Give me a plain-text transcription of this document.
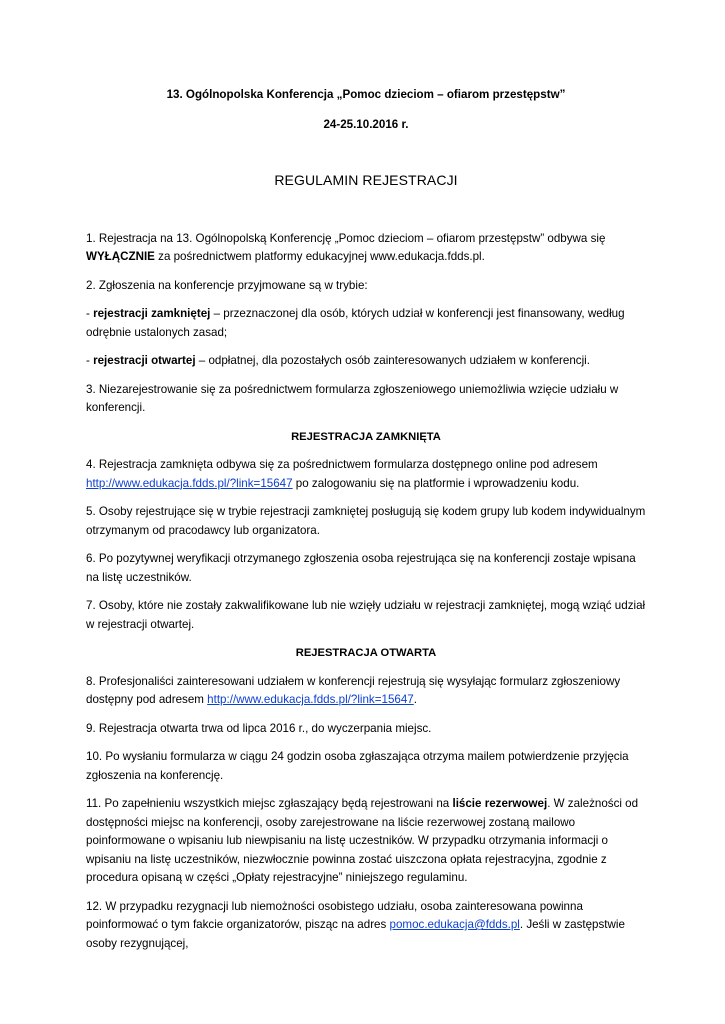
13. Ogólnopolska Konferencja „Pomoc dzieciom – ofiarom przestępstw”

24-25.10.2016 r.

REGULAMIN REJESTRACJI

1. Rejestracja na 13. Ogólnopolską Konferencję „Pomoc dzieciom – ofiarom przestępstw” odbywa się WYŁĄCZNIE za pośrednictwem platformy edukacyjnej www.edukacja.fdds.pl.

2. Zgłoszenia na konferencje przyjmowane są w trybie:

- rejestracji zamkniętej – przeznaczonej dla osób, których udział w konferencji jest finansowany, według odrębnie ustalonych zasad;

- rejestracji otwartej – odpłatnej, dla pozostałych osób zainteresowanych udziałem w konferencji.

3. Niezarejestrowanie się za pośrednictwem formularza zgłoszeniowego uniemożliwia wzięcie udziału w konferencji.

REJESTRACJA ZAMKNIĘTA

4. Rejestracja zamknięta odbywa się za pośrednictwem formularza dostępnego online pod adresem http://www.edukacja.fdds.pl/?link=15647 po zalogowaniu się na platformie i wprowadzeniu kodu.

5. Osoby rejestrujące się w trybie rejestracji zamkniętej posługują się kodem grupy lub kodem indywidualnym otrzymanym od pracodawcy lub organizatora.

6. Po pozytywnej weryfikacji otrzymanego zgłoszenia osoba rejestrująca się na konferencji zostaje wpisana na listę uczestników.

7. Osoby, które nie zostały zakwalifikowane lub nie wzięły udziału w rejestracji zamkniętej, mogą wziąć udział w rejestracji otwartej.

REJESTRACJA OTWARTA

8. Profesjonaliści zainteresowani udziałem w konferencji rejestrują się wysyłając formularz zgłoszeniowy dostępny pod adresem http://www.edukacja.fdds.pl/?link=15647.

9. Rejestracja otwarta trwa od lipca 2016 r., do wyczerpania miejsc.

10. Po wysłaniu formularza w ciągu 24 godzin osoba zgłaszająca otrzyma mailem potwierdzenie przyjęcia zgłoszenia na konferencję.

11. Po zapełnieniu wszystkich miejsc zgłaszający będą rejestrowani na liście rezerwowej. W zależności od dostępności miejsc na konferencji, osoby zarejestrowane na liście rezerwowej zostaną mailowo poinformowane o wpisaniu lub niewpisaniu na listę uczestników. W przypadku otrzymania informacji o wpisaniu na listę uczestników, niezwłocznie powinna zostać uiszczona opłata rejestracyjna, zgodnie z procedura opisaną w części „Opłaty rejestracyjne” niniejszego regulaminu.

12. W przypadku rezygnacji lub niemożności osobistego udziału, osoba zainteresowana powinna poinformować o tym fakcie organizatorów, pisząc na adres pomoc.edukacja@fdds.pl. Jeśli w zastępstwie osoby rezygnującej,
